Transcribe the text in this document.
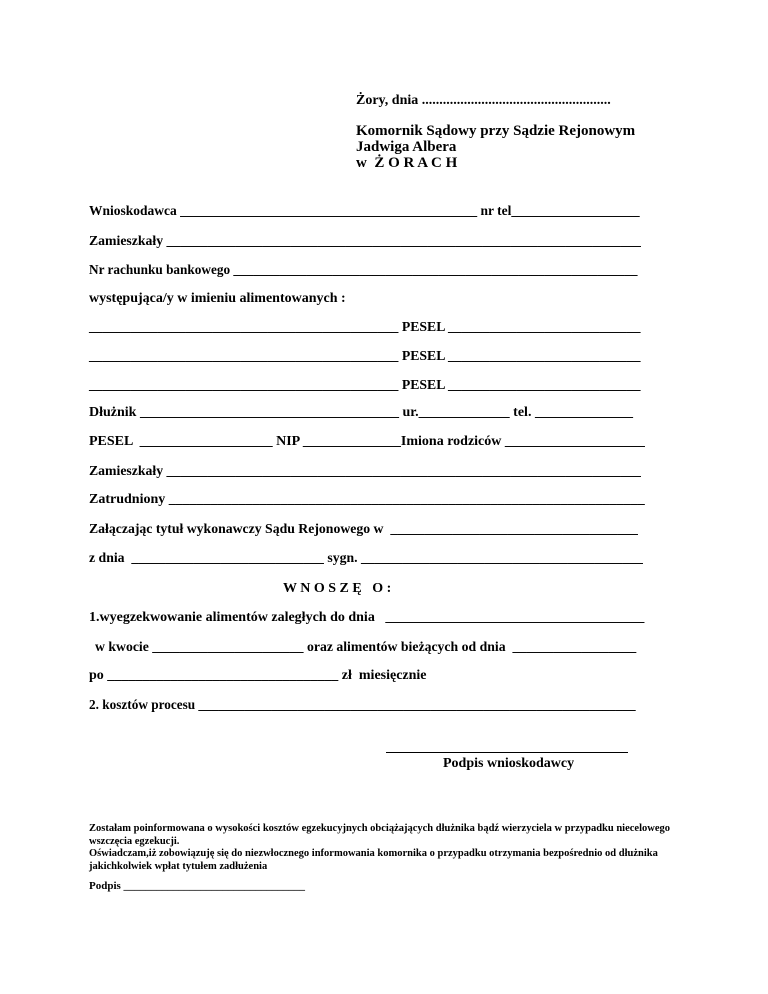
Żory, dnia ......................................................
Komornik Sądowy przy Sądzie Rejonowym
Jadwiga Albera
w  Ż O R A C H
Wnioskodawca ____________________________________________ nr tel___________________
Zamieszkały _____________________________________________________________________
Nr rachunku bankowego _____________________________________________________________
występująca/y w imieniu alimentowanych :
_____________________________________________ PESEL ____________________________
_____________________________________________ PESEL ____________________________
_____________________________________________ PESEL ____________________________
Dłużnik _____________________________________ ur._____________ tel. ______________
PESEL  ___________________ NIP ______________Imiona rodziców ____________________
Zamieszkały _____________________________________________________________________
Zatrudniony ____________________________________________________________________
Załączając tytuł wykonawczy Sądu Rejonowego w  ____________________________________
z dnia  ____________________________ sygn. _________________________________________
W N O S Z Ę   O :
1.wyegzekwowanie alimentów zaległych do dnia   _____________________________________
w kwocie ______________________ oraz alimentów bieżących od dnia  __________________
po _________________________________ zł  miesięcznie
2. kosztów procesu __________________________________________________________________
Podpis wnioskodawcy
Zostałam poinformowana o wysokości kosztów egzekucyjnych obciążających dłużnika bądź wierzyciela w przypadku niecelowego wszczęcia egzekucji.
Oświadczam,iż zobowiązuję się do niezwłocznego informowania komornika o przypadku otrzymania bezpośrednio od dłużnika jakichkolwiek wpłat tytułem zadłużenia
Podpis _________________________________
